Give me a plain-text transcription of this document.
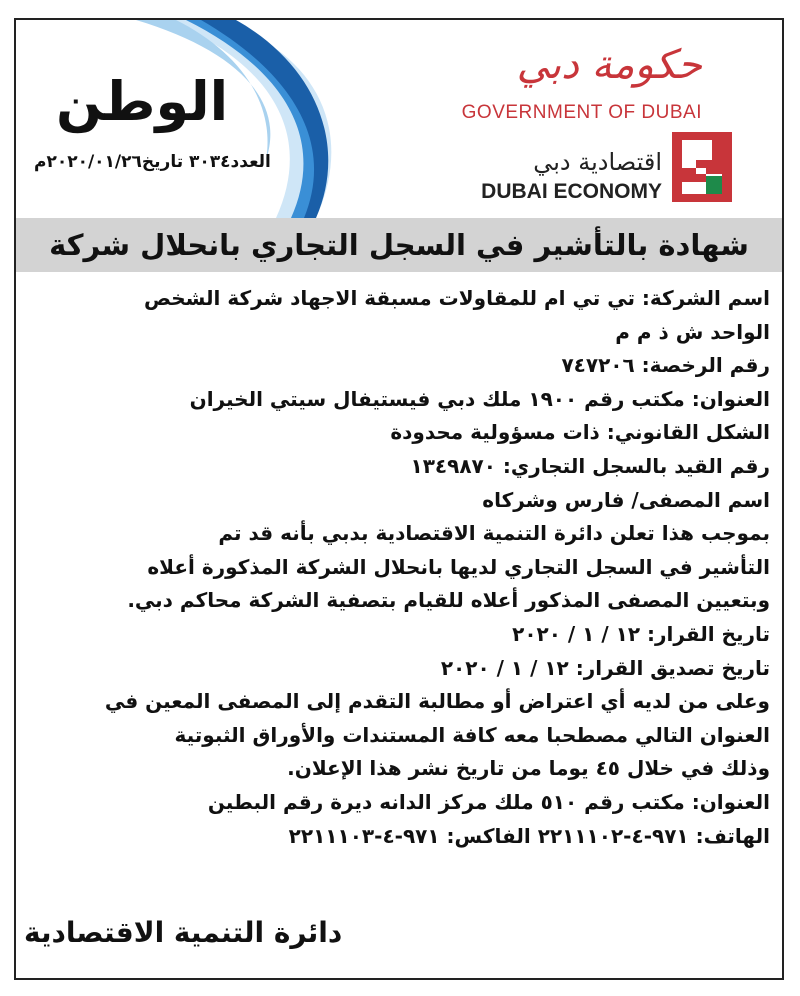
الوطن
العدد٣٠٣٤ تاريخ٢٠٢٠/٠١/٢٦م
حكومة دبي
GOVERNMENT OF DUBAI
اقتصادية دبي
DUBAI ECONOMY
شهادة بالتأشير في السجل التجاري بانحلال شركة
اسم الشركة: تي تي ام للمقاولات مسبقة الاجهاد شركة الشخص
الواحد ش ذ م م
رقم الرخصة: ٧٤٧٢٠٦
العنوان: مكتب رقم ١٩٠٠ ملك دبي فيستيفال سيتي الخيران
الشكل القانوني: ذات مسؤولية محدودة
رقم القيد بالسجل التجاري: ١٣٤٩٨٧٠
اسم المصفى/ فارس وشركاه
بموجب هذا تعلن دائرة التنمية الاقتصادية بدبي بأنه قد تم
التأشير في السجل التجاري لديها بانحلال الشركة المذكورة أعلاه
وبتعيين المصفى المذكور أعلاه للقيام بتصفية الشركة محاكم دبي.
تاريخ القرار: ١٢ / ١ / ٢٠٢٠
تاريخ تصديق القرار: ١٢ / ١ / ٢٠٢٠
وعلى من لديه أي اعتراض أو مطالبة التقدم إلى المصفى المعين في
العنوان التالي مصطحبا معه كافة المستندات والأوراق الثبوتية
وذلك في خلال ٤٥ يوما من تاريخ نشر هذا الإعلان.
العنوان: مكتب رقم ٥١٠ ملك مركز الدانه ديرة رقم البطين
الهاتف: ٩٧١-٤-٢٢١١١٠٢ الفاكس: ٩٧١-٤-٢٢١١١٠٣
دائرة التنمية الاقتصادية
